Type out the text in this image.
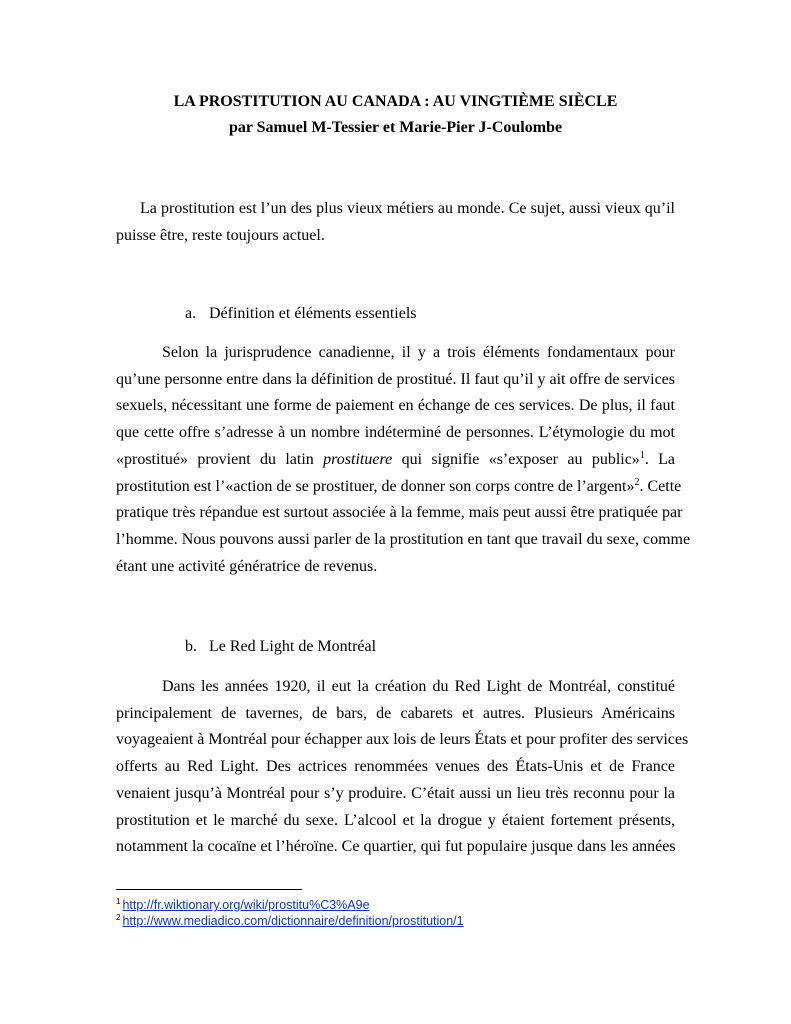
LA PROSTITUTION AU CANADA : AU VINGTIÈME SIÈCLE
par Samuel M-Tessier et Marie-Pier J-Coulombe

La prostitution est l’un des plus vieux métiers au monde. Ce sujet, aussi vieux qu’il
puisse être, reste toujours actuel.

a. Définition et éléments essentiels

Selon la jurisprudence canadienne, il y a trois éléments fondamentaux pour
qu’une personne entre dans la définition de prostitué. Il faut qu’il y ait offre de services
sexuels, nécessitant une forme de paiement en échange de ces services. De plus, il faut
que cette offre s’adresse à un nombre indéterminé de personnes. L’étymologie du mot
«prostitué» provient du latin prostituere qui signifie «s’exposer au public»$^1$. La
prostitution est l’«action de se prostituer, de donner son corps contre de l’argent»$^2$. Cette
pratique très répandue est surtout associée à la femme, mais peut aussi être pratiquée par
l’homme. Nous pouvons aussi parler de la prostitution en tant que travail du sexe, comme
étant une activité génératrice de revenus.

b. Le Red Light de Montréal

Dans les années 1920, il eut la création du Red Light de Montréal, constitué
principalement de tavernes, de bars, de cabarets et autres. Plusieurs Américains
voyageaient à Montréal pour échapper aux lois de leurs États et pour profiter des services
offerts au Red Light. Des actrices renommées venues des États-Unis et de France
venaient jusqu’à Montréal pour s’y produire. C’était aussi un lieu très reconnu pour la
prostitution et le marché du sexe. L’alcool et la drogue y étaient fortement présents,
notamment la cocaïne et l’héroïne. Ce quartier, qui fut populaire jusque dans les années

$^1$ http://fr.wiktionary.org/wiki/prostitu%C3%A9e
$^2$ http://www.mediadico.com/dictionnaire/definition/prostitution/1
